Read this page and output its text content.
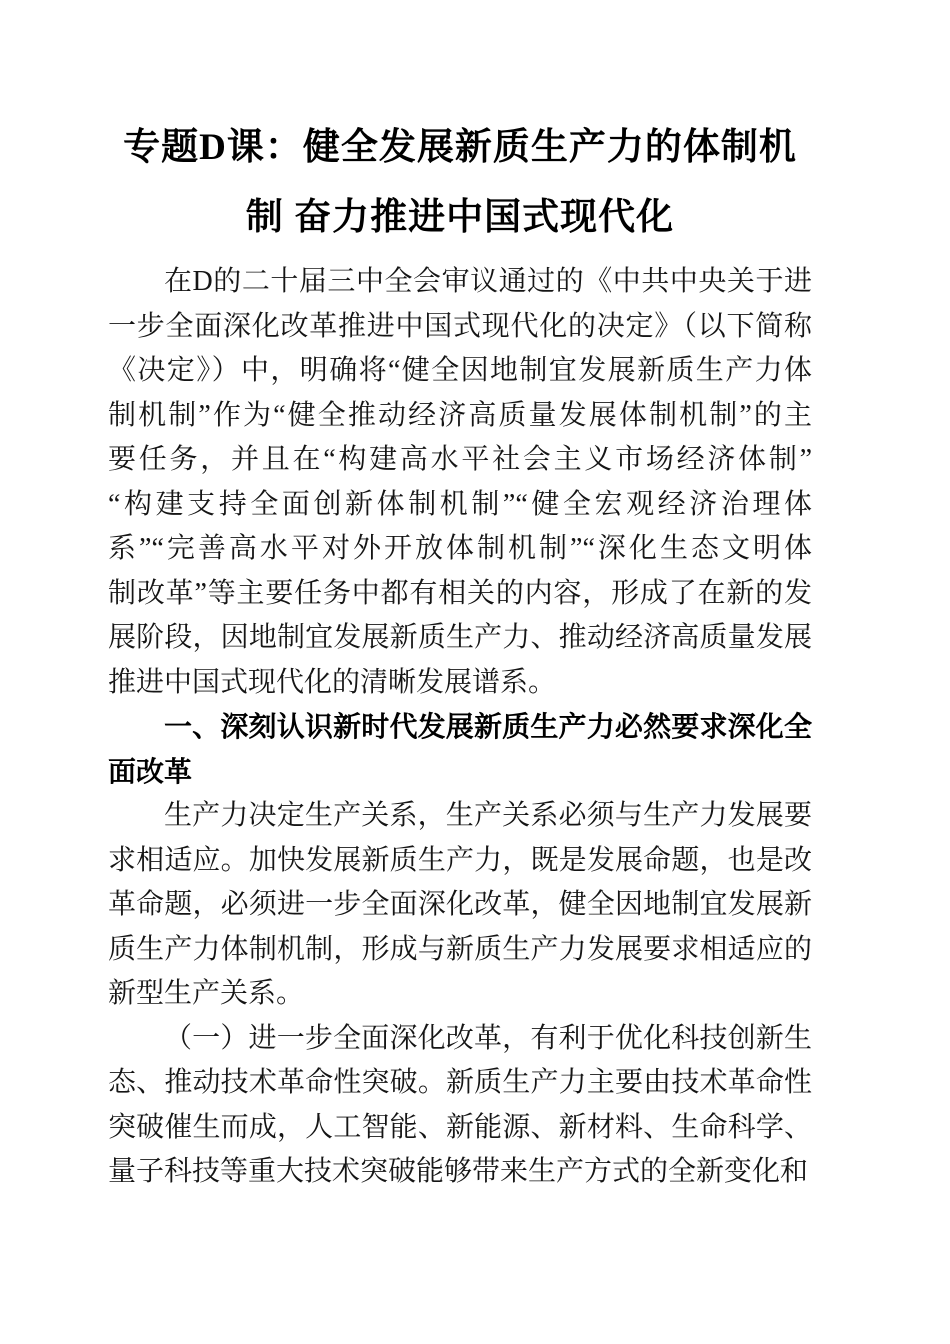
专题D课：健全发展新质生产力的体制机
制 奋力推进中国式现代化
在D的二十届三中全会审议通过的《中共中央关于进
一步全面深化改革推进中国式现代化的决定》（以下简称
《决定》）中，明确将“健全因地制宜发展新质生产力体
制机制”作为“健全推动经济高质量发展体制机制”的主
要任务，并且在“构建高水平社会主义市场经济体制”
“构建支持全面创新体制机制”“健全宏观经济治理体
系”“完善高水平对外开放体制机制”“深化生态文明体
制改革”等主要任务中都有相关的内容，形成了在新的发
展阶段，因地制宜发展新质生产力、推动经济高质量发展
推进中国式现代化的清晰发展谱系。
一、深刻认识新时代发展新质生产力必然要求深化全
面改革
生产力决定生产关系，生产关系必须与生产力发展要
求相适应。加快发展新质生产力，既是发展命题，也是改
革命题，必须进一步全面深化改革，健全因地制宜发展新
质生产力体制机制，形成与新质生产力发展要求相适应的
新型生产关系。
（一）进一步全面深化改革，有利于优化科技创新生
态、推动技术革命性突破。新质生产力主要由技术革命性
突破催生而成，人工智能、新能源、新材料、生命科学、
量子科技等重大技术突破能够带来生产方式的全新变化和
